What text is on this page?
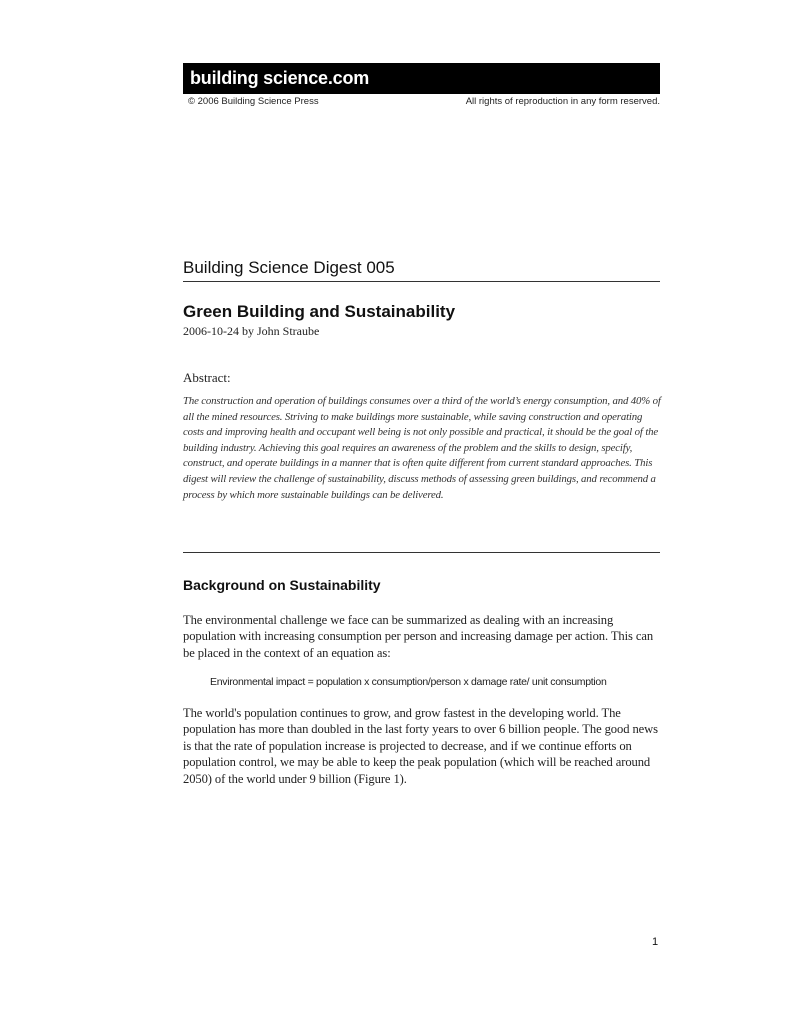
building science.com
© 2006 Building Science Press	All rights of reproduction in any form reserved.
Building Science Digest 005
Green Building and Sustainability
2006-10-24 by John Straube
Abstract:
The construction and operation of buildings consumes over a third of the world’s energy consumption, and 40% of all the mined resources. Striving to make buildings more sustainable, while saving construction and operating costs and improving health and occupant well being is not only possible and practical, it should be the goal of the building industry. Achieving this goal requires an awareness of the problem and the skills to design, specify, construct, and operate buildings in a manner that is often quite different from current standard approaches. This digest will review the challenge of sustainability, discuss methods of assessing green buildings, and recommend a process by which more sustainable buildings can be delivered.
Background on Sustainability
The environmental challenge we face can be summarized as dealing with an increasing population with increasing consumption per person and increasing damage per action. This can be placed in the context of an equation as:
Environmental impact = population x consumption/person x damage rate/ unit consumption
The world's population continues to grow, and grow fastest in the developing world. The population has more than doubled in the last forty years to over 6 billion people. The good news is that the rate of population increase is projected to decrease, and if we continue efforts on population control, we may be able to keep the peak population (which will be reached around 2050) of the world under 9 billion (Figure 1).
1
